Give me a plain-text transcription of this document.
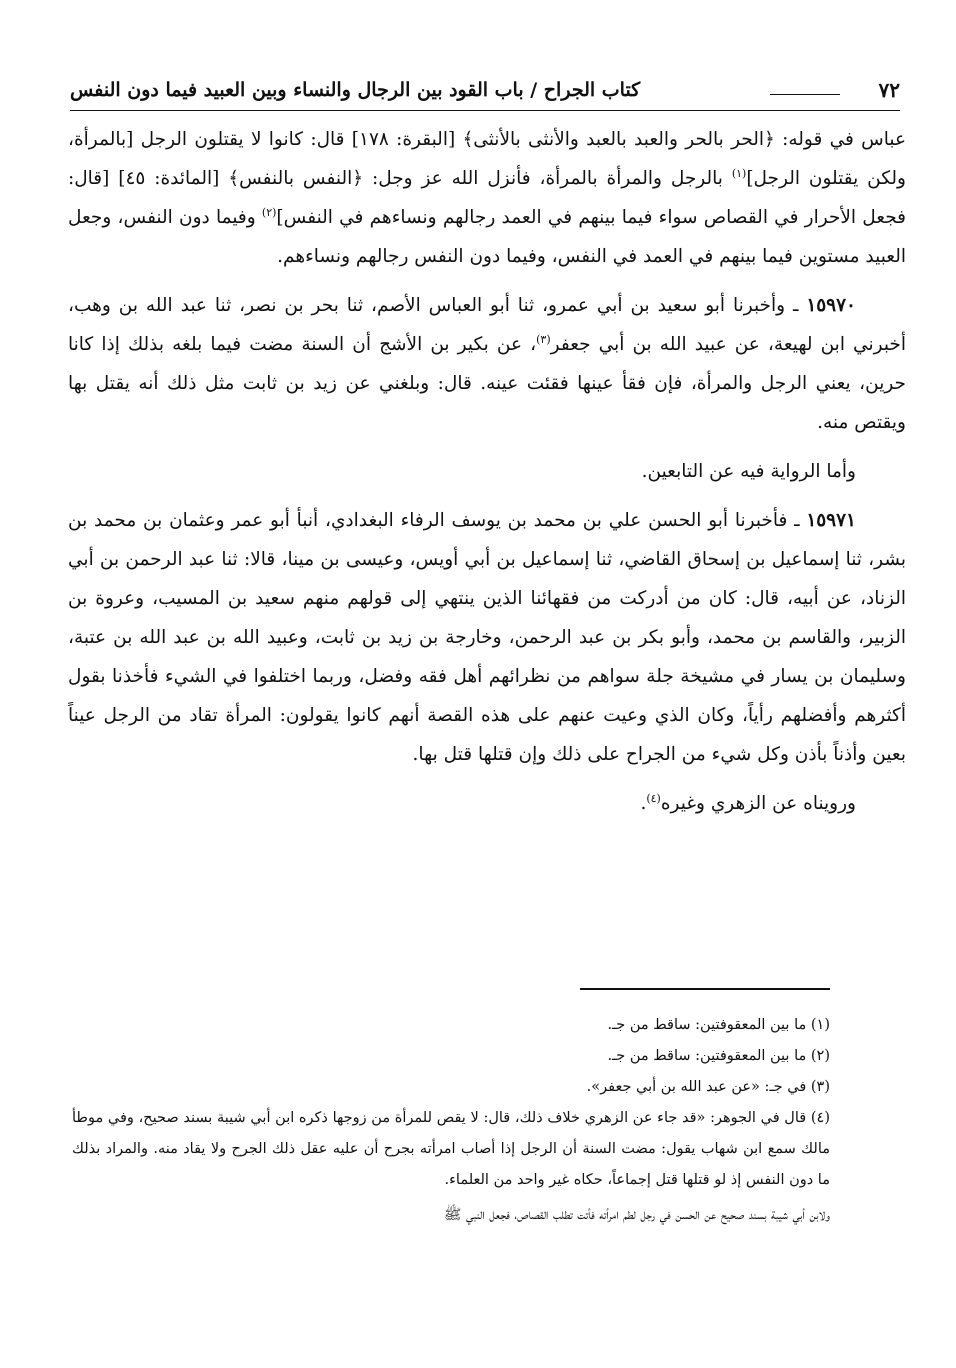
٧٢
كتاب الجراح / باب القود بين الرجال والنساء وبين العبيد فيما دون النفس

عباس في قوله: ﴿الحر بالحر والعبد بالعبد والأنثى بالأنثى﴾ [البقرة: ١٧٨] قال: كانوا لا يقتلون الرجل [بالمرأة، ولكن يقتلون الرجل]$^{(١)}$ بالرجل والمرأة بالمرأة، فأنزل الله عز وجل: ﴿النفس بالنفس﴾ [المائدة: ٤٥] [قال: فجعل الأحرار في القصاص سواء فيما بينهم في العمد رجالهم ونساءهم في النفس]$^{(٢)}$ وفيما دون النفس، وجعل العبيد مستوين فيما بينهم في العمد في النفس، وفيما دون النفس رجالهم ونساءهم.

١٥٩٧٠ ـ وأخبرنا أبو سعيد بن أبي عمرو، ثنا أبو العباس الأصم، ثنا بحر بن نصر، ثنا عبد الله بن وهب، أخبرني ابن لهيعة، عن عبيد الله بن أبي جعفر$^{(٣)}$، عن بكير بن الأشج أن السنة مضت فيما بلغه بذلك إذا كانا حرين، يعني الرجل والمرأة، فإن فقأ عينها فقئت عينه. قال: وبلغني عن زيد بن ثابت مثل ذلك أنه يقتل بها ويقتص منه.

وأما الرواية فيه عن التابعين.

١٥٩٧١ ـ فأخبرنا أبو الحسن علي بن محمد بن يوسف الرفاء البغدادي، أنبأ أبو عمر وعثمان بن محمد بن بشر، ثنا إسماعيل بن إسحاق القاضي، ثنا إسماعيل بن أبي أويس، وعيسى بن مينا، قالا: ثنا عبد الرحمن بن أبي الزناد، عن أبيه، قال: كان من أدركت من فقهائنا الذين ينتهي إلى قولهم منهم سعيد بن المسيب، وعروة بن الزبير، والقاسم بن محمد، وأبو بكر بن عبد الرحمن، وخارجة بن زيد بن ثابت، وعبيد الله بن عبد الله بن عتبة، وسليمان بن يسار في مشيخة جلة سواهم من نظرائهم أهل فقه وفضل، وربما اختلفوا في الشيء فأخذنا بقول أكثرهم وأفضلهم رأياً، وكان الذي وعيت عنهم على هذه القصة أنهم كانوا يقولون: المرأة تقاد من الرجل عيناً بعين وأذناً بأذن وكل شيء من الجراح على ذلك وإن قتلها قتل بها.

ورويناه عن الزهري وغيره$^{(٤)}$.

(١) ما بين المعقوفتين: ساقط من جـ.

(٢) ما بين المعقوفتين: ساقط من جـ.

(٣) في جـ: «عن عبد الله بن أبي جعفر».

(٤) قال في الجوهر: «قد جاء عن الزهري خلاف ذلك، قال: لا يقص للمرأة من زوجها ذكره ابن أبي شيبة بسند صحيح، وفي موطأ مالك سمع ابن شهاب يقول: مضت السنة أن الرجل إذا أصاب امرأته بجرح أن عليه عقل ذلك الجرح ولا يقاد منه. والمراد بذلك ما دون النفس إذ لو قتلها قتل إجماعاً، حكاه غير واحد من العلماء.

ولابن أبي شيبة بسند صحيح عن الحسن في رجل لطم امرأته فأتت تطلب القصاص، فجعل النبي ﷺ
